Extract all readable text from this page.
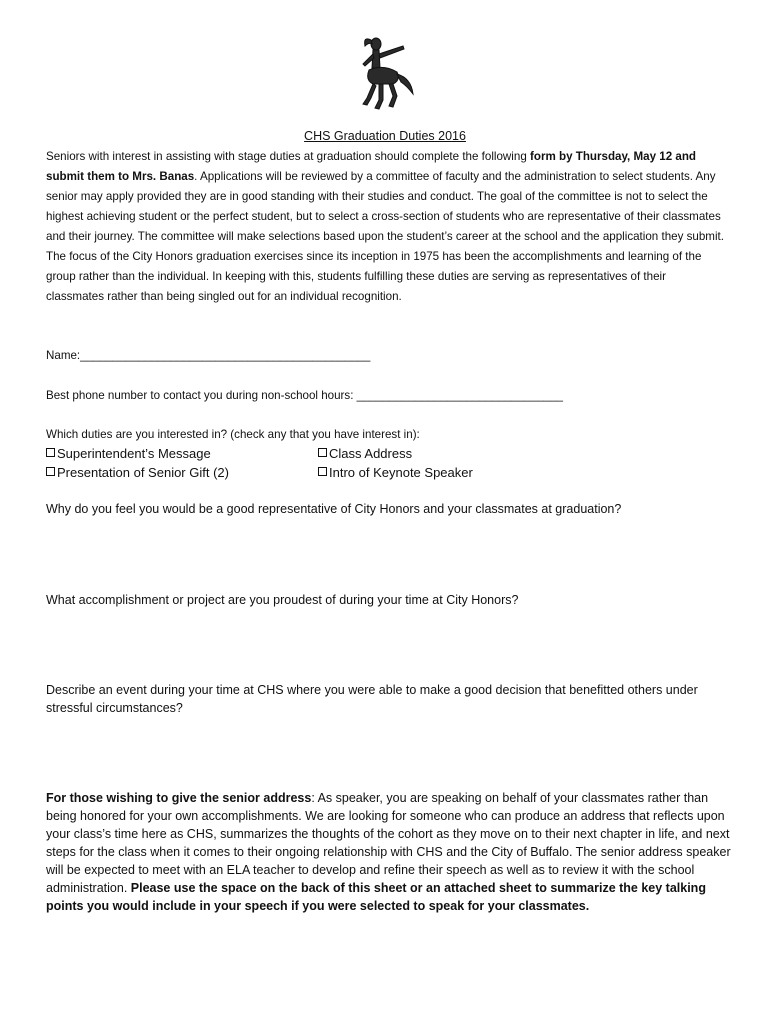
CHS Graduation Duties 2016
Seniors with interest in assisting with stage duties at graduation should complete the following form by Thursday, May 12 and submit them to Mrs. Banas. Applications will be reviewed by a committee of faculty and the administration to select students. Any senior may apply provided they are in good standing with their studies and conduct. The goal of the committee is not to select the highest achieving student or the perfect student, but to select a cross-section of students who are representative of their classmates and their journey. The committee will make selections based upon the student’s career at the school and the application they submit. The focus of the City Honors graduation exercises since its inception in 1975 has been the accomplishments and learning of the group rather than the individual. In keeping with this, students fulfilling these duties are serving as representatives of their classmates rather than being singled out for an individual recognition.
Name:_____________________________________________
Best phone number to contact you during non-school hours: ________________________________
Which duties are you interested in? (check any that you have interest in):
Superintendent’s Message	Class Address
Presentation of Senior Gift (2)	Intro of Keynote Speaker
Why do you feel you would be a good representative of City Honors and your classmates at graduation?
What accomplishment or project are you proudest of during your time at City Honors?
Describe an event during your time at CHS where you were able to make a good decision that benefitted others under stressful circumstances?
For those wishing to give the senior address: As speaker, you are speaking on behalf of your classmates rather than being honored for your own accomplishments. We are looking for someone who can produce an address that reflects upon your class’s time here as CHS, summarizes the thoughts of the cohort as they move on to their next chapter in life, and next steps for the class when it comes to their ongoing relationship with CHS and the City of Buffalo. The senior address speaker will be expected to meet with an ELA teacher to develop and refine their speech as well as to review it with the school administration. Please use the space on the back of this sheet or an attached sheet to summarize the key talking points you would include in your speech if you were selected to speak for your classmates.
